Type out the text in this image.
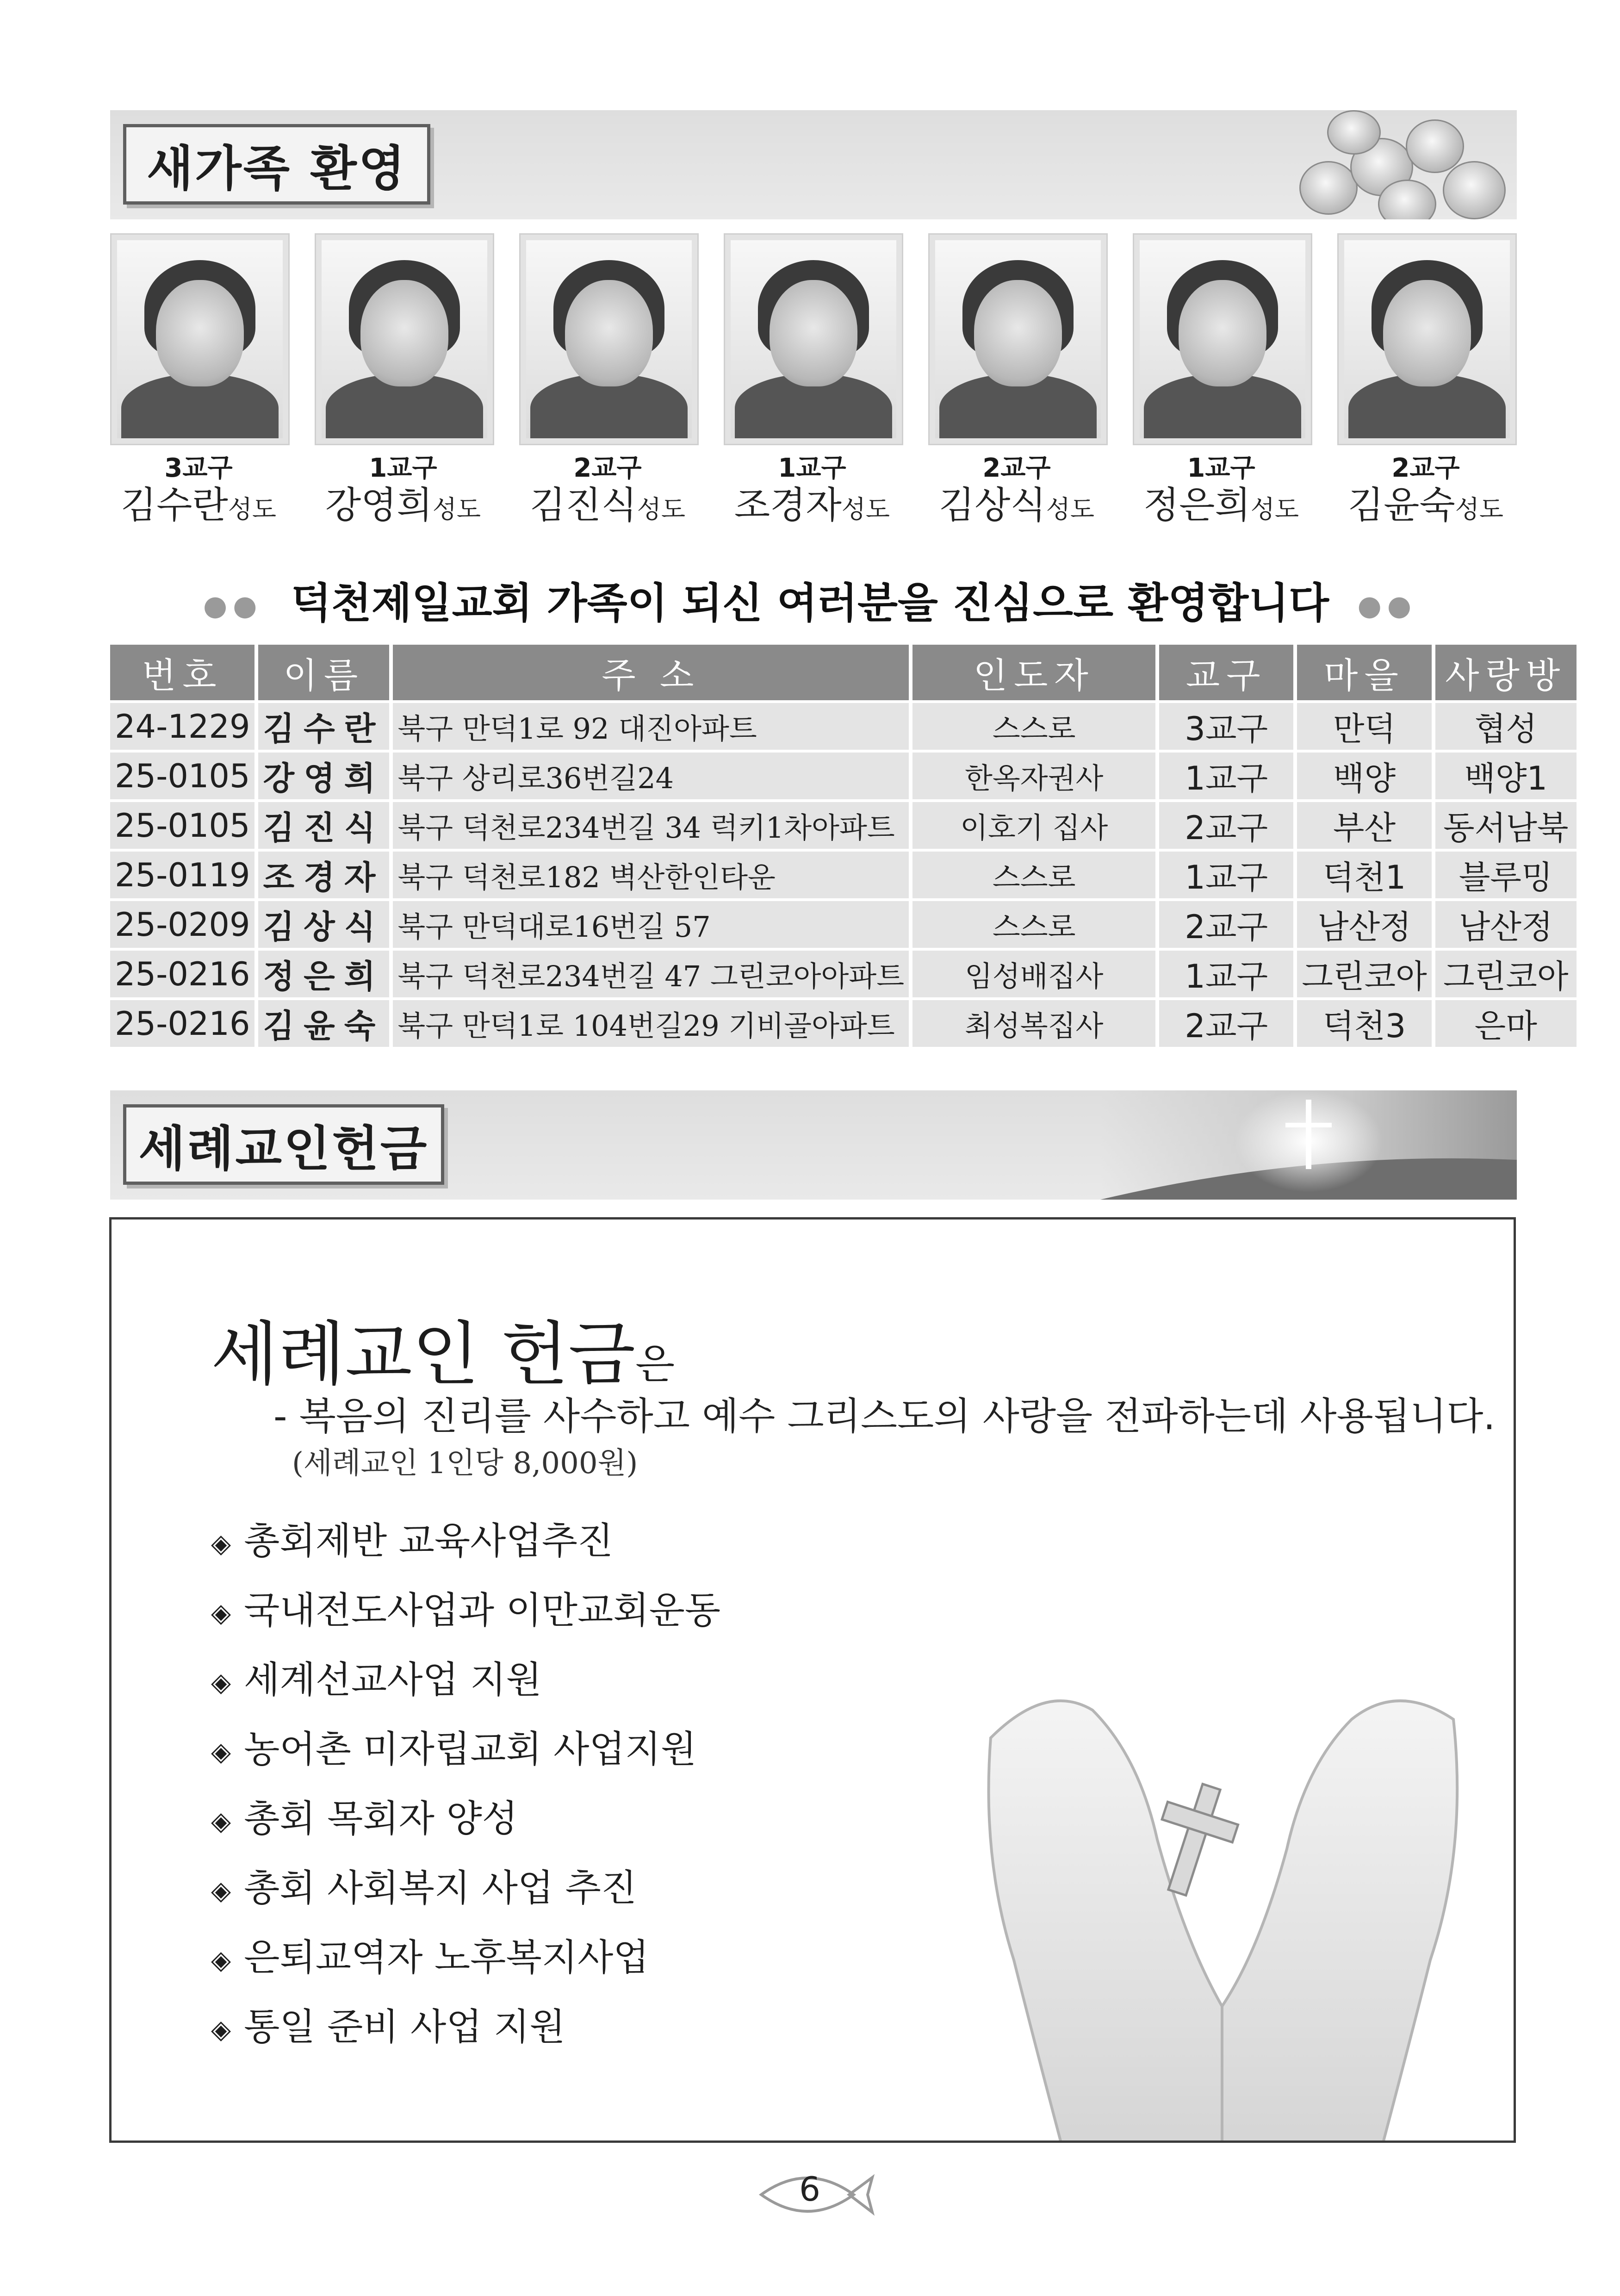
새가족 환영
3교구
김수란성도
1교구
강영희성도
2교구
김진식성도
1교구
조경자성도
2교구
김상식성도
1교구
정은희성도
2교구
김윤숙성도
●● 덕천제일교회 가족이 되신 여러분을 진심으로 환영합니다 ●●
번호	이름	주 소	인도자	교구	마을	사랑방
24-1229	김수란	북구 만덕1로 92 대진아파트	스스로	3교구	만덕	협성
25-0105	강영희	북구 상리로36번길24	한옥자권사	1교구	백양	백양1
25-0105	김진식	북구 덕천로234번길 34 럭키1차아파트	이호기 집사	2교구	부산	동서남북
25-0119	조경자	북구 덕천로182 벽산한인타운	스스로	1교구	덕천1	블루밍
25-0209	김상식	북구 만덕대로16번길 57	스스로	2교구	남산정	남산정
25-0216	정은희	북구 덕천로234번길 47 그린코아아파트	임성배집사	1교구	그린코아	그린코아
25-0216	김윤숙	북구 만덕1로 104번길29 기비골아파트	최성복집사	2교구	덕천3	은마
세례교인헌금
세례교인 헌금은
- 복음의 진리를 사수하고 예수 그리스도의 사랑을 전파하는데 사용됩니다.
(세례교인 1인당 8,000원)
◈ 총회제반 교육사업추진
◈ 국내전도사업과 이만교회운동
◈ 세계선교사업 지원
◈ 농어촌 미자립교회 사업지원
◈ 총회 목회자 양성
◈ 총회 사회복지 사업 추진
◈ 은퇴교역자 노후복지사업
◈ 통일 준비 사업 지원
6
